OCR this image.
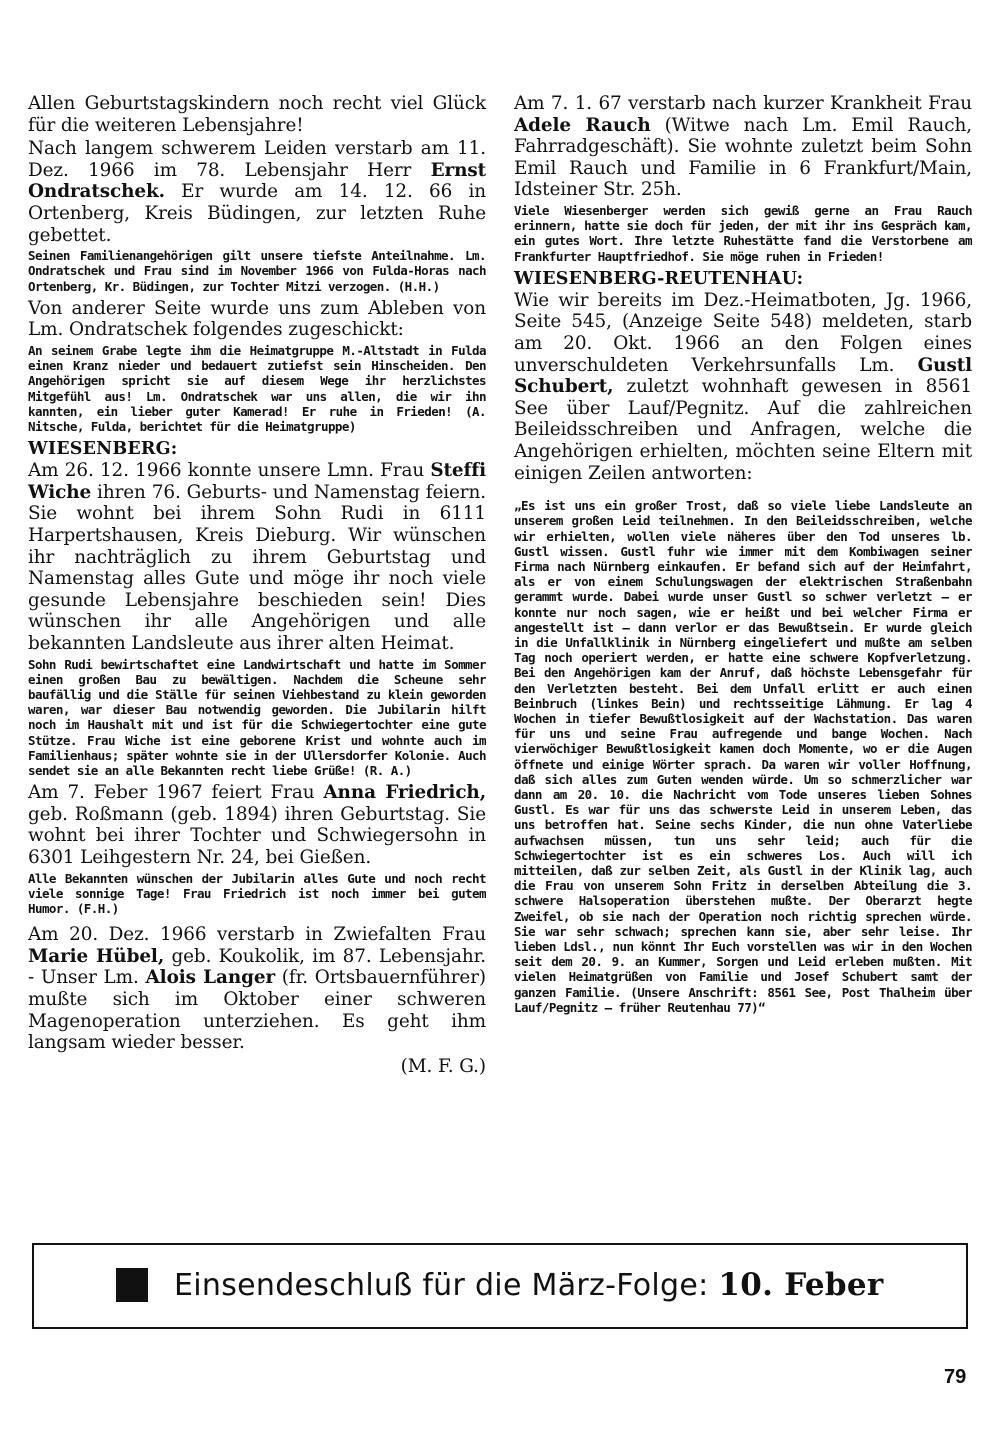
Allen Geburtstagskindern noch recht viel Glück für die weiteren Lebensjahre!

Nach langem schwerem Leiden verstarb am 11. Dez. 1966 im 78. Lebensjahr Herr Ernst Ondratschek. Er wurde am 14. 12. 66 in Ortenberg, Kreis Büdingen, zur letzten Ruhe gebettet.

Seinen Familienangehörigen gilt unsere tiefste Anteilnahme. Lm. Ondratschek und Frau sind im November 1966 von Fulda-Horas nach Ortenberg, Kr. Büdingen, zur Tochter Mitzi verzogen. (H.H.)

Von anderer Seite wurde uns zum Ableben von Lm. Ondratschek folgendes zugeschickt:

An seinem Grabe legte ihm die Heimatgruppe M.-Altstadt in Fulda einen Kranz nieder und bedauert zutiefst sein Hinscheiden. Den Angehörigen spricht sie auf diesem Wege ihr herzlichstes Mitgefühl aus! Lm. Ondratschek war uns allen, die wir ihn kannten, ein lieber guter Kamerad! Er ruhe in Frieden! (A. Nitsche, Fulda, berichtet für die Heimatgruppe)

WIESENBERG:

Am 26. 12. 1966 konnte unsere Lmn. Frau Steffi Wiche ihren 76. Geburts- und Namenstag feiern. Sie wohnt bei ihrem Sohn Rudi in 6111 Harpertshausen, Kreis Dieburg. Wir wünschen ihr nachträglich zu ihrem Geburtstag und Namenstag alles Gute und möge ihr noch viele gesunde Lebensjahre beschieden sein! Dies wünschen ihr alle Angehörigen und alle bekannten Landsleute aus ihrer alten Heimat.

Sohn Rudi bewirtschaftet eine Landwirtschaft und hatte im Sommer einen großen Bau zu bewältigen. Nachdem die Scheune sehr baufällig und die Ställe für seinen Viehbestand zu klein geworden waren, war dieser Bau notwendig geworden. Die Jubilarin hilft noch im Haushalt mit und ist für die Schwiegertochter eine gute Stütze. Frau Wiche ist eine geborene Krist und wohnte auch im Familienhaus; später wohnte sie in der Ullersdorfer Kolonie. Auch sendet sie an alle Bekannten recht liebe Grüße! (R. A.)

Am 7. Feber 1967 feiert Frau Anna Friedrich, geb. Roßmann (geb. 1894) ihren Geburtstag. Sie wohnt bei ihrer Tochter und Schwiegersohn in 6301 Leihgestern Nr. 24, bei Gießen.

Alle Bekannten wünschen der Jubilarin alles Gute und noch recht viele sonnige Tage! Frau Friedrich ist noch immer bei gutem Humor. (F.H.)

Am 20. Dez. 1966 verstarb in Zwiefalten Frau Marie Hübel, geb. Koukolik, im 87. Lebensjahr. - Unser Lm. Alois Langer (fr. Ortsbauernführer) mußte sich im Oktober einer schweren Magenoperation unterziehen. Es geht ihm langsam wieder besser.

(M. F. G.)

Am 7. 1. 67 verstarb nach kurzer Krankheit Frau Adele Rauch (Witwe nach Lm. Emil Rauch, Fahrradgeschäft). Sie wohnte zuletzt beim Sohn Emil Rauch und Familie in 6 Frankfurt/Main, Idsteiner Str. 25h.

Viele Wiesenberger werden sich gewiß gerne an Frau Rauch erinnern, hatte sie doch für jeden, der mit ihr ins Gespräch kam, ein gutes Wort. Ihre letzte Ruhestätte fand die Verstorbene am Frankfurter Hauptfriedhof. Sie möge ruhen in Frieden!

WIESENBERG-REUTENHAU:

Wie wir bereits im Dez.-Heimatboten, Jg. 1966, Seite 545, (Anzeige Seite 548) meldeten, starb am 20. Okt. 1966 an den Folgen eines unverschuldeten Verkehrsunfalls Lm. Gustl Schubert, zuletzt wohnhaft gewesen in 8561 See über Lauf/Pegnitz. Auf die zahlreichen Beileidsschreiben und Anfragen, welche die Angehörigen erhielten, möchten seine Eltern mit einigen Zeilen antworten:

„Es ist uns ein großer Trost, daß so viele liebe Landsleute an unserem großen Leid teilnehmen. In den Beileidsschreiben, welche wir erhielten, wollen viele näheres über den Tod unseres lb. Gustl wissen. Gustl fuhr wie immer mit dem Kombiwagen seiner Firma nach Nürnberg einkaufen. Er befand sich auf der Heimfahrt, als er von einem Schulungswagen der elektrischen Straßenbahn gerammt wurde. Dabei wurde unser Gustl so schwer verletzt — er konnte nur noch sagen, wie er heißt und bei welcher Firma er angestellt ist — dann verlor er das Bewußtsein. Er wurde gleich in die Unfallklinik in Nürnberg eingeliefert und mußte am selben Tag noch operiert werden, er hatte eine schwere Kopfverletzung. Bei den Angehörigen kam der Anruf, daß höchste Lebensgefahr für den Verletzten besteht. Bei dem Unfall erlitt er auch einen Beinbruch (linkes Bein) und rechtsseitige Lähmung. Er lag 4 Wochen in tiefer Bewußtlosigkeit auf der Wachstation. Das waren für uns und seine Frau aufregende und bange Wochen. Nach vierwöchiger Bewußtlosigkeit kamen doch Momente, wo er die Augen öffnete und einige Wörter sprach. Da waren wir voller Hoffnung, daß sich alles zum Guten wenden würde. Um so schmerzlicher war dann am 20. 10. die Nachricht vom Tode unseres lieben Sohnes Gustl. Es war für uns das schwerste Leid in unserem Leben, das uns betroffen hat. Seine sechs Kinder, die nun ohne Vaterliebe aufwachsen müssen, tun uns sehr leid; auch für die Schwiegertochter ist es ein schweres Los. Auch will ich mitteilen, daß zur selben Zeit, als Gustl in der Klinik lag, auch die Frau von unserem Sohn Fritz in derselben Abteilung die 3. schwere Halsoperation überstehen mußte. Der Oberarzt hegte Zweifel, ob sie nach der Operation noch richtig sprechen würde. Sie war sehr schwach; sprechen kann sie, aber sehr leise. Ihr lieben Ldsl., nun könnt Ihr Euch vorstellen was wir in den Wochen seit dem 20. 9. an Kummer, Sorgen und Leid erleben mußten. Mit vielen Heimatgrüßen von Familie und Josef Schubert samt der ganzen Familie. (Unsere Anschrift: 8561 See, Post Thalheim über Lauf/Pegnitz — früher Reutenhau 77)“

Einsendeschluß für die März-Folge: 10. Feber
79
